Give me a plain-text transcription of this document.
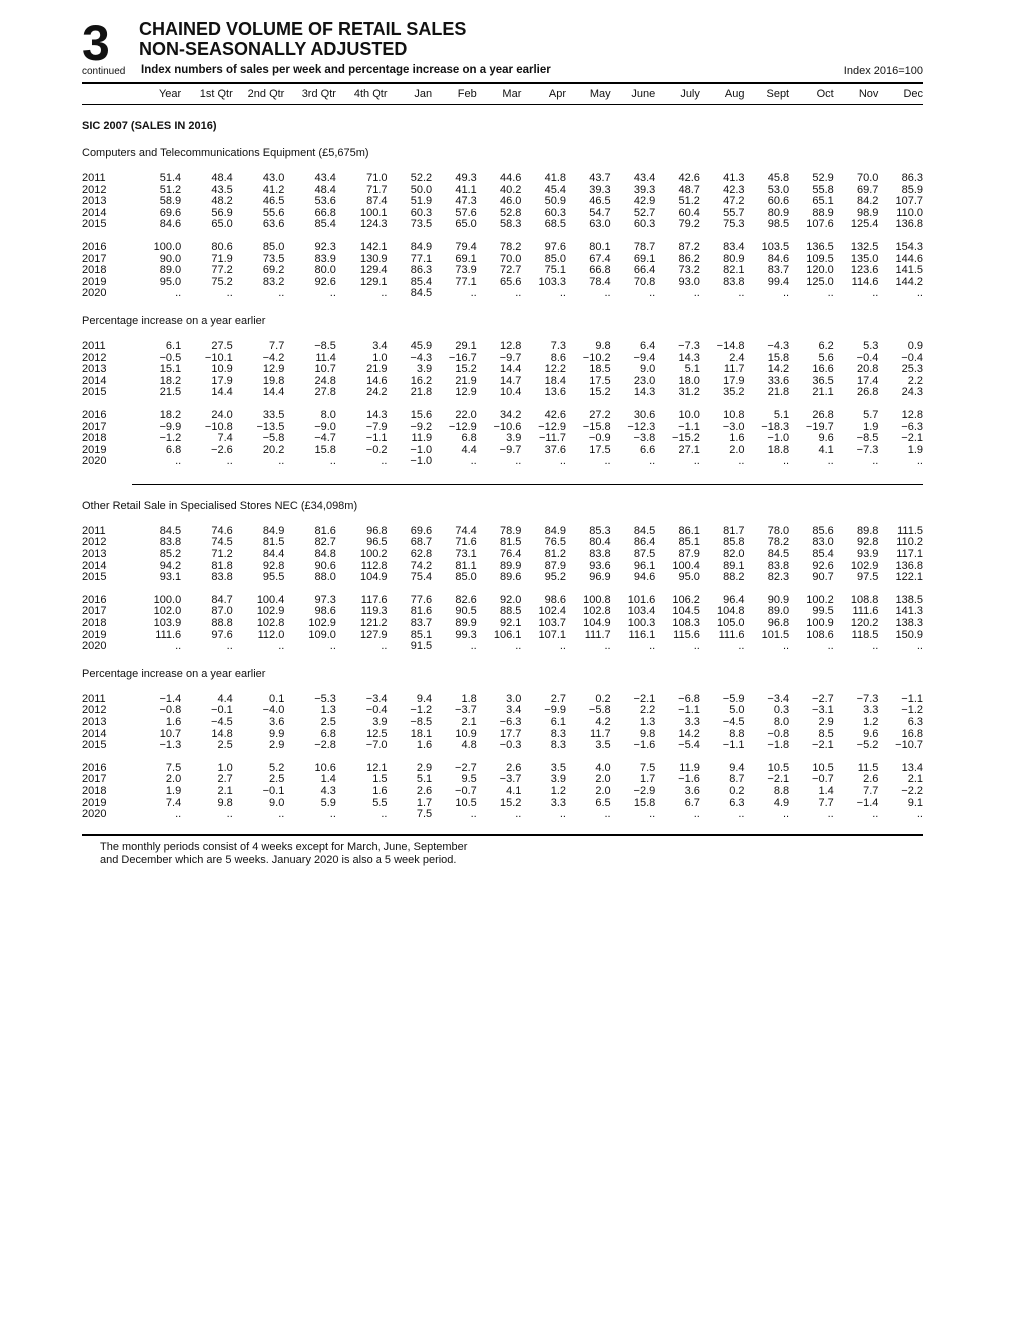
3
continued
CHAINED VOLUME OF RETAIL SALES
NON-SEASONALLY ADJUSTED
Index numbers of sales per week and percentage increase on a year earlier	Index 2016=100
Year	1st Qtr	2nd Qtr	3rd Qtr	4th Qtr	Jan	Feb	Mar	Apr	May	June	July	Aug	Sept	Oct	Nov	Dec
SIC 2007 (SALES IN 2016)
Computers and Telecommunications Equipment (£5,675m)
2011	51.4	48.4	43.0	43.4	71.0	52.2	49.3	44.6	41.8	43.7	43.4	42.6	41.3	45.8	52.9	70.0	86.3
2012	51.2	43.5	41.2	48.4	71.7	50.0	41.1	40.2	45.4	39.3	39.3	48.7	42.3	53.0	55.8	69.7	85.9
2013	58.9	48.2	46.5	53.6	87.4	51.9	47.3	46.0	50.9	46.5	42.9	51.2	47.2	60.6	65.1	84.2	107.7
2014	69.6	56.9	55.6	66.8	100.1	60.3	57.6	52.8	60.3	54.7	52.7	60.4	55.7	80.9	88.9	98.9	110.0
2015	84.6	65.0	63.6	85.4	124.3	73.5	65.0	58.3	68.5	63.0	60.3	79.2	75.3	98.5	107.6	125.4	136.8
2016	100.0	80.6	85.0	92.3	142.1	84.9	79.4	78.2	97.6	80.1	78.7	87.2	83.4	103.5	136.5	132.5	154.3
2017	90.0	71.9	73.5	83.9	130.9	77.1	69.1	70.0	85.0	67.4	69.1	86.2	80.9	84.6	109.5	135.0	144.6
2018	89.0	77.2	69.2	80.0	129.4	86.3	73.9	72.7	75.1	66.8	66.4	73.2	82.1	83.7	120.0	123.6	141.5
2019	95.0	75.2	83.2	92.6	129.1	85.4	77.1	65.6	103.3	78.4	70.8	93.0	83.8	99.4	125.0	114.6	144.2
2020	..	..	..	..	..	84.5	..	..	..	..	..	..	..	..	..	..	..
Percentage increase on a year earlier
2011	6.1	27.5	7.7	−8.5	3.4	45.9	29.1	12.8	7.3	9.8	6.4	−7.3	−14.8	−4.3	6.2	5.3	0.9
2012	−0.5	−10.1	−4.2	11.4	1.0	−4.3	−16.7	−9.7	8.6	−10.2	−9.4	14.3	2.4	15.8	5.6	−0.4	−0.4
2013	15.1	10.9	12.9	10.7	21.9	3.9	15.2	14.4	12.2	18.5	9.0	5.1	11.7	14.2	16.6	20.8	25.3
2014	18.2	17.9	19.8	24.8	14.6	16.2	21.9	14.7	18.4	17.5	23.0	18.0	17.9	33.6	36.5	17.4	2.2
2015	21.5	14.4	14.4	27.8	24.2	21.8	12.9	10.4	13.6	15.2	14.3	31.2	35.2	21.8	21.1	26.8	24.3
2016	18.2	24.0	33.5	8.0	14.3	15.6	22.0	34.2	42.6	27.2	30.6	10.0	10.8	5.1	26.8	5.7	12.8
2017	−9.9	−10.8	−13.5	−9.0	−7.9	−9.2	−12.9	−10.6	−12.9	−15.8	−12.3	−1.1	−3.0	−18.3	−19.7	1.9	−6.3
2018	−1.2	7.4	−5.8	−4.7	−1.1	11.9	6.8	3.9	−11.7	−0.9	−3.8	−15.2	1.6	−1.0	9.6	−8.5	−2.1
2019	6.8	−2.6	20.2	15.8	−0.2	−1.0	4.4	−9.7	37.6	17.5	6.6	27.1	2.0	18.8	4.1	−7.3	1.9
2020	..	..	..	..	..	−1.0	..	..	..	..	..	..	..	..	..	..	..
Other Retail Sale in Specialised Stores NEC (£34,098m)
2011	84.5	74.6	84.9	81.6	96.8	69.6	74.4	78.9	84.9	85.3	84.5	86.1	81.7	78.0	85.6	89.8	111.5
2012	83.8	74.5	81.5	82.7	96.5	68.7	71.6	81.5	76.5	80.4	86.4	85.1	85.8	78.2	83.0	92.8	110.2
2013	85.2	71.2	84.4	84.8	100.2	62.8	73.1	76.4	81.2	83.8	87.5	87.9	82.0	84.5	85.4	93.9	117.1
2014	94.2	81.8	92.8	90.6	112.8	74.2	81.1	89.9	87.9	93.6	96.1	100.4	89.1	83.8	92.6	102.9	136.8
2015	93.1	83.8	95.5	88.0	104.9	75.4	85.0	89.6	95.2	96.9	94.6	95.0	88.2	82.3	90.7	97.5	122.1
2016	100.0	84.7	100.4	97.3	117.6	77.6	82.6	92.0	98.6	100.8	101.6	106.2	96.4	90.9	100.2	108.8	138.5
2017	102.0	87.0	102.9	98.6	119.3	81.6	90.5	88.5	102.4	102.8	103.4	104.5	104.8	89.0	99.5	111.6	141.3
2018	103.9	88.8	102.8	102.9	121.2	83.7	89.9	92.1	103.7	104.9	100.3	108.3	105.0	96.8	100.9	120.2	138.3
2019	111.6	97.6	112.0	109.0	127.9	85.1	99.3	106.1	107.1	111.7	116.1	115.6	111.6	101.5	108.6	118.5	150.9
2020	..	..	..	..	..	91.5	..	..	..	..	..	..	..	..	..	..	..
Percentage increase on a year earlier
2011	−1.4	4.4	0.1	−5.3	−3.4	9.4	1.8	3.0	2.7	0.2	−2.1	−6.8	−5.9	−3.4	−2.7	−7.3	−1.1
2012	−0.8	−0.1	−4.0	1.3	−0.4	−1.2	−3.7	3.4	−9.9	−5.8	2.2	−1.1	5.0	0.3	−3.1	3.3	−1.2
2013	1.6	−4.5	3.6	2.5	3.9	−8.5	2.1	−6.3	6.1	4.2	1.3	3.3	−4.5	8.0	2.9	1.2	6.3
2014	10.7	14.8	9.9	6.8	12.5	18.1	10.9	17.7	8.3	11.7	9.8	14.2	8.8	−0.8	8.5	9.6	16.8
2015	−1.3	2.5	2.9	−2.8	−7.0	1.6	4.8	−0.3	8.3	3.5	−1.6	−5.4	−1.1	−1.8	−2.1	−5.2	−10.7
2016	7.5	1.0	5.2	10.6	12.1	2.9	−2.7	2.6	3.5	4.0	7.5	11.9	9.4	10.5	10.5	11.5	13.4
2017	2.0	2.7	2.5	1.4	1.5	5.1	9.5	−3.7	3.9	2.0	1.7	−1.6	8.7	−2.1	−0.7	2.6	2.1
2018	1.9	2.1	−0.1	4.3	1.6	2.6	−0.7	4.1	1.2	2.0	−2.9	3.6	0.2	8.8	1.4	7.7	−2.2
2019	7.4	9.8	9.0	5.9	5.5	1.7	10.5	15.2	3.3	6.5	15.8	6.7	6.3	4.9	7.7	−1.4	9.1
2020	..	..	..	..	..	7.5	..	..	..	..	..	..	..	..	..	..	..
The monthly periods consist of 4 weeks except for March, June, September
and December which are 5 weeks. January 2020 is also a 5 week period.
